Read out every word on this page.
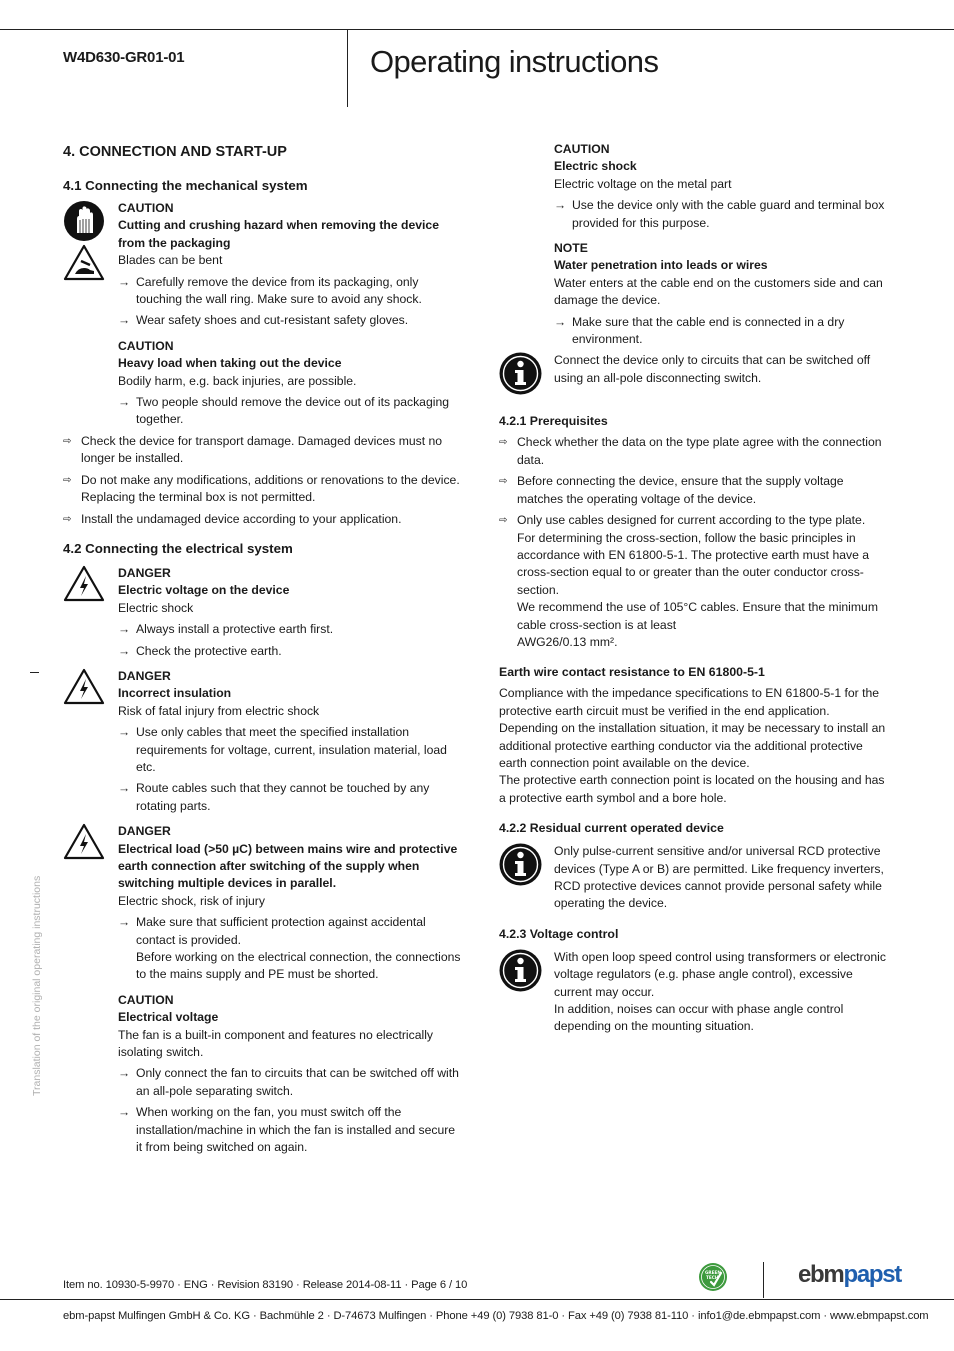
W4D630-GR01-01	Operating instructions
Translation of the original operating instructions
4. CONNECTION AND START-UP
4.1 Connecting the mechanical system

CAUTION

Cutting and crushing hazard when removing the device from the packaging

Blades can be bent

→ Carefully remove the device from its packaging, only touching the wall ring. Make sure to avoid any shock.
→ Wear safety shoes and cut-resistant safety gloves.

CAUTION

Heavy load when taking out the device

Bodily harm, e.g. back injuries, are possible.

→ Two people should remove the device out of its packaging together.
⇨ Check the device for transport damage. Damaged devices must no longer be installed.
⇨ Do not make any modifications, additions or renovations to the device. Replacing the terminal box is not permitted.
⇨ Install the undamaged device according to your application.
4.2 Connecting the electrical system

DANGER

Electric voltage on the device

Electric shock

→ Always install a protective earth first.
→ Check the protective earth.

DANGER

Incorrect insulation

Risk of fatal injury from electric shock

→ Use only cables that meet the specified installation requirements for voltage, current, insulation material, load etc.
→ Route cables such that they cannot be touched by any rotating parts.

DANGER

Electrical load (>50 µC) between mains wire and protective earth connection after switching of the supply when switching multiple devices in parallel.

Electric shock, risk of injury

→ Make sure that sufficient protection against accidental contact is provided.
Before working on the electrical connection, the connections to the mains supply and PE must be shorted.

CAUTION

Electrical voltage

The fan is a built-in component and features no electrically isolating switch.

→ Only connect the fan to circuits that can be switched off with an all-pole separating switch.
→ When working on the fan, you must switch off the installation/machine in which the fan is installed and secure it from being switched on again.

CAUTION

Electric shock

Electric voltage on the metal part

→ Use the device only with the cable guard and terminal box provided for this purpose.

NOTE

Water penetration into leads or wires

Water enters at the cable end on the customers side and can damage the device.

→ Make sure that the cable end is connected in a dry environment.

Connect the device only to circuits that can be switched off using an all-pole disconnecting switch.

4.2.1 Prerequisites
⇨ Check whether the data on the type plate agree with the connection data.
⇨ Before connecting the device, ensure that the supply voltage matches the operating voltage of the device.
⇨ Only use cables designed for current according to the type plate.

For determining the cross-section, follow the basic principles in accordance with EN 61800-5-1. The protective earth must have a cross-section equal to or greater than the outer conductor cross-section.

We recommend the use of 105°C cables. Ensure that the minimum cable cross-section is at least

AWG26/0.13 mm².

Earth wire contact resistance to EN 61800-5-1

Compliance with the impedance specifications to EN 61800-5-1 for the protective earth circuit must be verified in the end application.

Depending on the installation situation, it may be necessary to install an additional protective earthing conductor via the additional protective earth connection point available on the device.

The protective earth connection point is located on the housing and has a protective earth symbol and a bore hole.

4.2.2 Residual current operated device

Only pulse-current sensitive and/or universal RCD protective devices (Type A or B) are permitted. Like frequency inverters, RCD protective devices cannot provide personal safety while operating the device.

4.2.3 Voltage control

With open loop speed control using transformers or electronic voltage regulators (e.g. phase angle control), excessive current may occur.

In addition, noises can occur with phase angle control depending on the mounting situation.

Item no. 10930-5-9970 · ENG · Revision 83190 · Release 2014-08-11 · Page 6 / 10
GREEN
TECH	ebmpapst
ebm-papst Mulfingen GmbH & Co. KG · Bachmühle 2 · D-74673 Mulfingen · Phone +49 (0) 7938 81-0 · Fax +49 (0) 7938 81-110 · info1@de.ebmpapst.com · www.ebmpapst.com
